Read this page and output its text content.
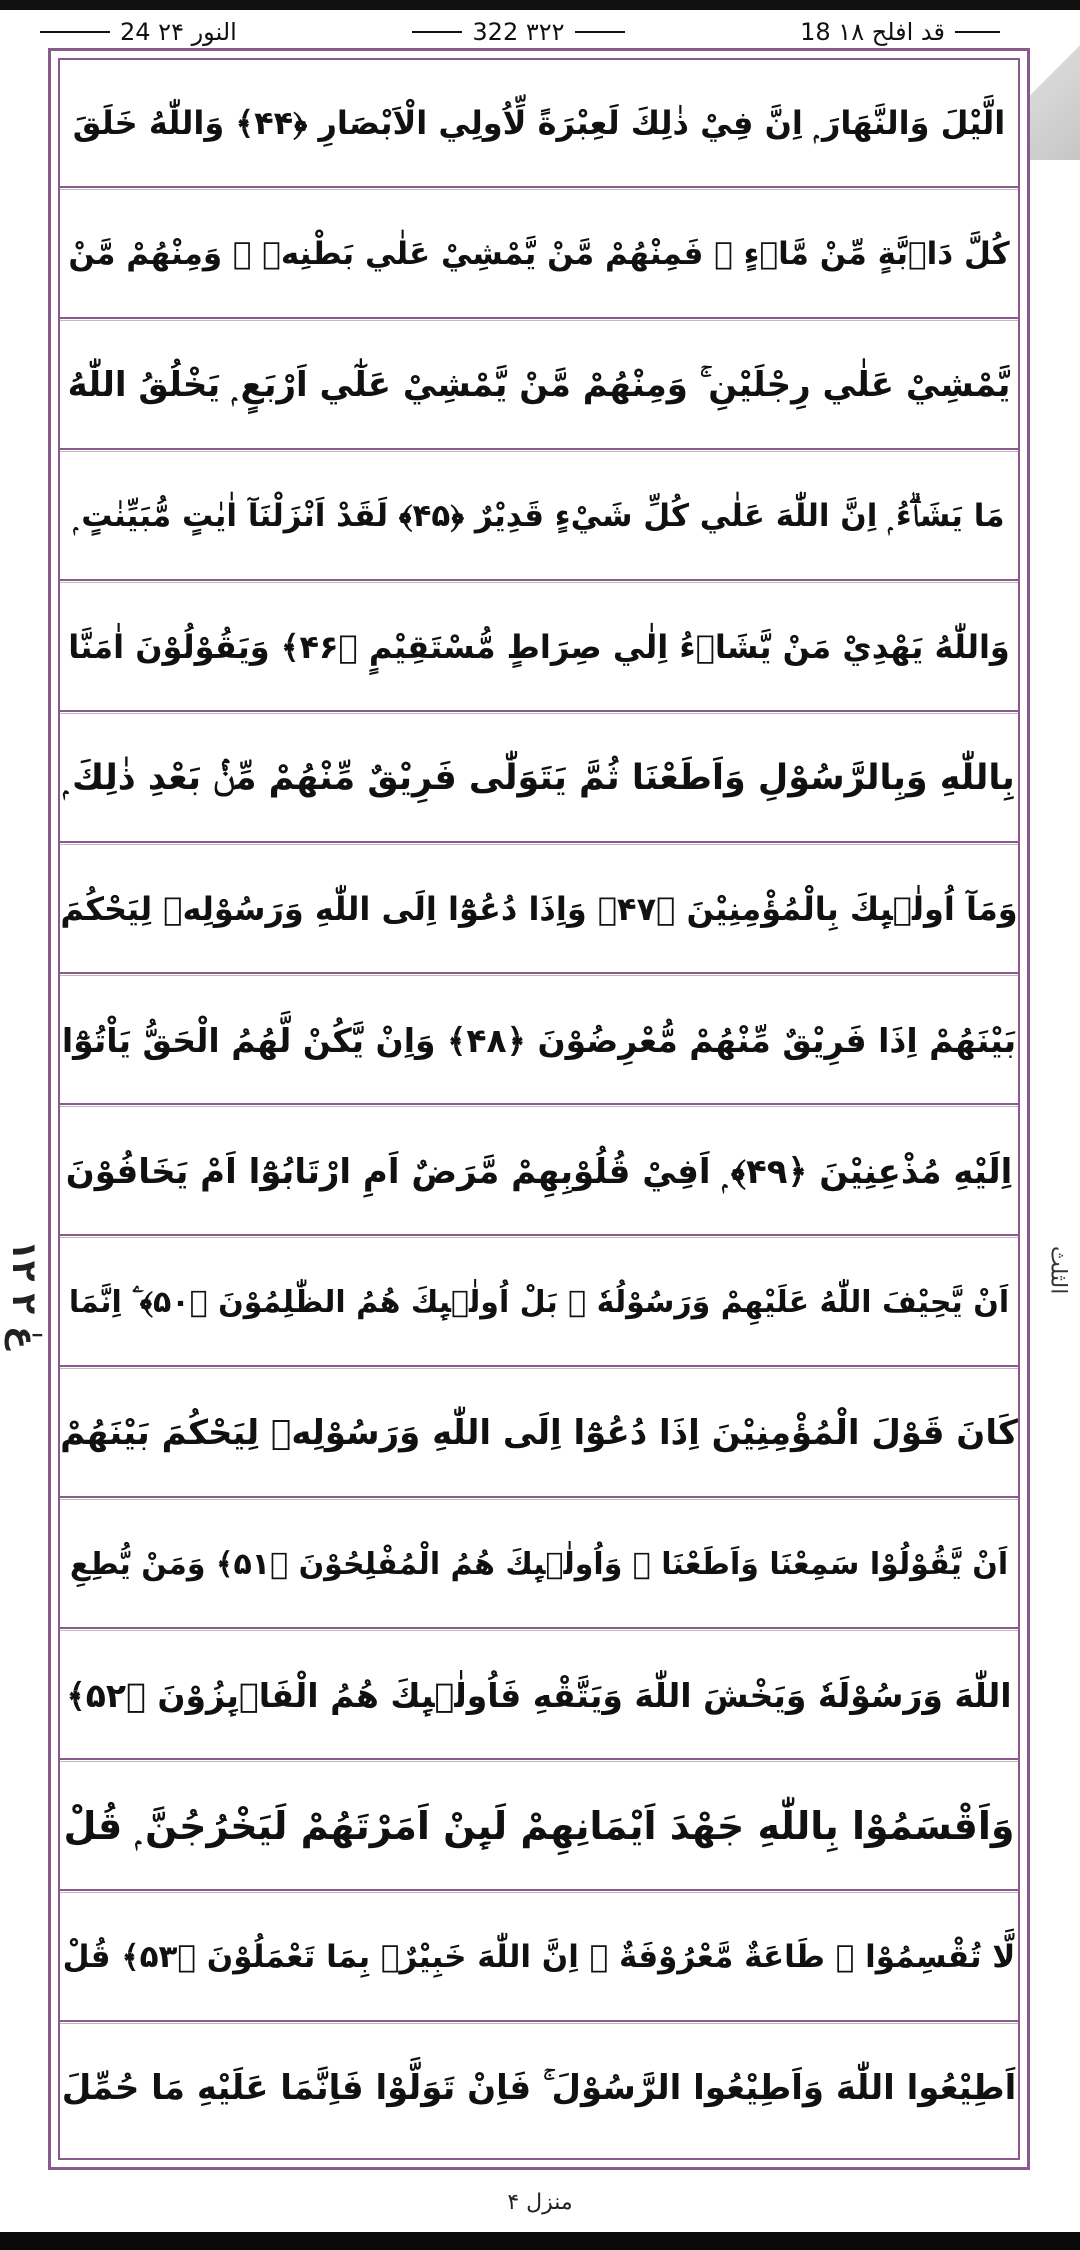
24 النور ۲۴	322 ۳۲۲	18 قد افلح ۱۸
الَّيْلَ وَالنَّهَارَ ۭ اِنَّ فِيْ ذٰلِكَ لَعِبْرَةً لِّاُولِي الْاَبْصَارِ ﴿۴۴﴾ وَاللّٰهُ خَلَقَ
كُلَّ دَاۗبَّةٍ مِّنْ مَّاۗءٍ ۚ فَمِنْهُمْ مَّنْ يَّمْشِيْ عَلٰي بَطْنِهٖ ۚ وَمِنْهُمْ مَّنْ
يَّمْشِيْ عَلٰي رِجْلَيْنِ ۚ وَمِنْهُمْ مَّنْ يَّمْشِيْ عَلٰٓي اَرْبَعٍ ۭ يَخْلُقُ اللّٰهُ
مَا يَشَاۗءُ ۭ اِنَّ اللّٰهَ عَلٰي كُلِّ شَيْءٍ قَدِيْرٌ ﴿۴۵﴾ لَقَدْ اَنْزَلْنَآ اٰيٰتٍ مُّبَيِّنٰتٍ ۭ
وَاللّٰهُ يَهْدِيْ مَنْ يَّشَاۗءُ اِلٰي صِرَاطٍ مُّسْتَقِيْمٍ ﴿۴۶﴾ وَيَقُوْلُوْنَ اٰمَنَّا
بِاللّٰهِ وَبِالرَّسُوْلِ وَاَطَعْنَا ثُمَّ يَتَوَلّٰى فَرِيْقٌ مِّنْهُمْ مِّنْۢ بَعْدِ ذٰلِكَ ۭ
وَمَآ اُولٰۗىِٕكَ بِالْمُؤْمِنِيْنَ ﴿۴۷﴾ وَاِذَا دُعُوْٓا اِلَى اللّٰهِ وَرَسُوْلِهٖ لِيَحْكُمَ
بَيْنَهُمْ اِذَا فَرِيْقٌ مِّنْهُمْ مُّعْرِضُوْنَ ﴿۴۸﴾ وَاِنْ يَّكُنْ لَّهُمُ الْحَقُّ يَاْتُوْٓا
اِلَيْهِ مُذْعِنِيْنَ ﴿۴۹﴾ ۭ اَفِيْ قُلُوْبِهِمْ مَّرَضٌ اَمِ ارْتَابُوْٓا اَمْ يَخَافُوْنَ
اَنْ يَّحِيْفَ اللّٰهُ عَلَيْهِمْ وَرَسُوْلُهٗ ۭ بَلْ اُولٰۗىِٕكَ هُمُ الظّٰلِمُوْنَ ﴿۵۰﴾ ۧ اِنَّمَا
كَانَ قَوْلَ الْمُؤْمِنِيْنَ اِذَا دُعُوْٓا اِلَى اللّٰهِ وَرَسُوْلِهٖ لِيَحْكُمَ بَيْنَهُمْ
اَنْ يَّقُوْلُوْا سَمِعْنَا وَاَطَعْنَا ۭ وَاُولٰۗىِٕكَ هُمُ الْمُفْلِحُوْنَ ﴿۵۱﴾ وَمَنْ يُّطِعِ
اللّٰهَ وَرَسُوْلَهٗ وَيَخْشَ اللّٰهَ وَيَتَّقْهِ فَاُولٰۗىِٕكَ هُمُ الْفَاۗىِٕزُوْنَ ﴿۵۲﴾
وَاَقْسَمُوْا بِاللّٰهِ جَهْدَ اَيْمَانِهِمْ لَىِٕنْ اَمَرْتَهُمْ لَيَخْرُجُنَّ ۭ قُلْ
لَّا تُقْسِمُوْا ۚ طَاعَةٌ مَّعْرُوْفَةٌ ۭ اِنَّ اللّٰهَ خَبِيْرٌۢ بِمَا تَعْمَلُوْنَ ﴿۵۳﴾ قُلْ
اَطِيْعُوا اللّٰهَ وَاَطِيْعُوا الرَّسُوْلَ ۚ فَاِنْ تَوَلَّوْا فَاِنَّمَا عَلَيْهِ مَا حُمِّلَ
عٰ ۲ ۱۲
الثلث
منزل ۴
